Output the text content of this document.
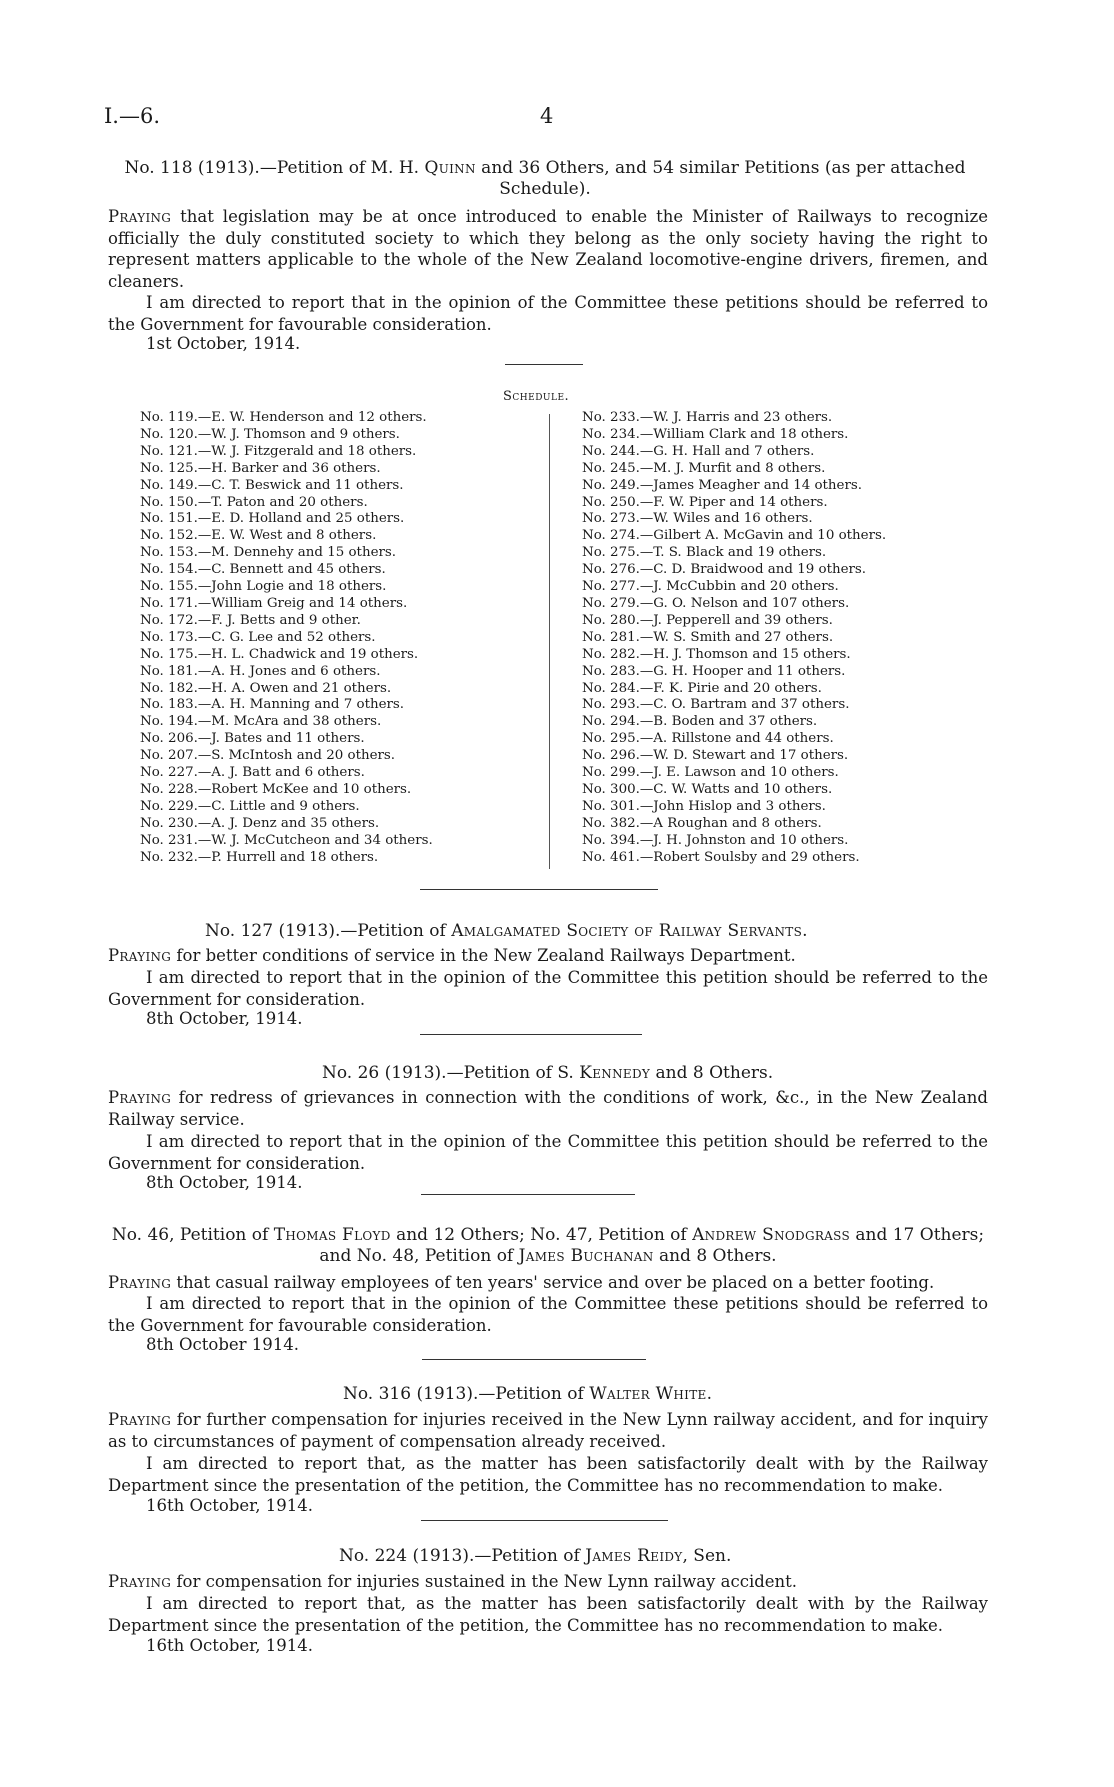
I.—6.	4
No. 118 (1913).—Petition of M. H. Quinn and 36 Others, and 54 similar Petitions (as per attached Schedule).
Praying that legislation may be at once introduced to enable the Minister of Railways to recognize officially the duly constituted society to which they belong as the only society having the right to represent matters applicable to the whole of the New Zealand locomotive-engine drivers, firemen, and cleaners.
I am directed to report that in the opinion of the Committee these petitions should be referred to the Government for favourable consideration.
1st October, 1914.
Schedule.
No. 119.—E. W. Henderson and 12 others.
No. 120.—W. J. Thomson and 9 others.
No. 121.—W. J. Fitzgerald and 18 others.
No. 125.—H. Barker and 36 others.
No. 149.—C. T. Beswick and 11 others.
No. 150.—T. Paton and 20 others.
No. 151.—E. D. Holland and 25 others.
No. 152.—E. W. West and 8 others.
No. 153.—M. Dennehy and 15 others.
No. 154.—C. Bennett and 45 others.
No. 155.—John Logie and 18 others.
No. 171.—William Greig and 14 others.
No. 172.—F. J. Betts and 9 other.
No. 173.—C. G. Lee and 52 others.
No. 175.—H. L. Chadwick and 19 others.
No. 181.—A. H. Jones and 6 others.
No. 182.—H. A. Owen and 21 others.
No. 183.—A. H. Manning and 7 others.
No. 194.—M. McAra and 38 others.
No. 206.—J. Bates and 11 others.
No. 207.—S. McIntosh and 20 others.
No. 227.—A. J. Batt and 6 others.
No. 228.—Robert McKee and 10 others.
No. 229.—C. Little and 9 others.
No. 230.—A. J. Denz and 35 others.
No. 231.—W. J. McCutcheon and 34 others.
No. 232.—P. Hurrell and 18 others.
No. 233.—W. J. Harris and 23 others.
No. 234.—William Clark and 18 others.
No. 244.—G. H. Hall and 7 others.
No. 245.—M. J. Murfit and 8 others.
No. 249.—James Meagher and 14 others.
No. 250.—F. W. Piper and 14 others.
No. 273.—W. Wiles and 16 others.
No. 274.—Gilbert A. McGavin and 10 others.
No. 275.—T. S. Black and 19 others.
No. 276.—C. D. Braidwood and 19 others.
No. 277.—J. McCubbin and 20 others.
No. 279.—G. O. Nelson and 107 others.
No. 280.—J. Pepperell and 39 others.
No. 281.—W. S. Smith and 27 others.
No. 282.—H. J. Thomson and 15 others.
No. 283.—G. H. Hooper and 11 others.
No. 284.—F. K. Pirie and 20 others.
No. 293.—C. O. Bartram and 37 others.
No. 294.—B. Boden and 37 others.
No. 295.—A. Rillstone and 44 others.
No. 296.—W. D. Stewart and 17 others.
No. 299.—J. E. Lawson and 10 others.
No. 300.—C. W. Watts and 10 others.
No. 301.—John Hislop and 3 others.
No. 382.—A Roughan and 8 others.
No. 394.—J. H. Johnston and 10 others.
No. 461.—Robert Soulsby and 29 others.
No. 127 (1913).—Petition of Amalgamated Society of Railway Servants.
Praying for better conditions of service in the New Zealand Railways Department.
I am directed to report that in the opinion of the Committee this petition should be referred to the Government for consideration.
8th October, 1914.
No. 26 (1913).—Petition of S. Kennedy and 8 Others.
Praying for redress of grievances in connection with the conditions of work, &c., in the New Zealand Railway service.
I am directed to report that in the opinion of the Committee this petition should be referred to the Government for consideration.
8th October, 1914.
No. 46, Petition of Thomas Floyd and 12 Others; No. 47, Petition of Andrew Snodgrass and 17 Others; and No. 48, Petition of James Buchanan and 8 Others.
Praying that casual railway employees of ten years' service and over be placed on a better footing.
I am directed to report that in the opinion of the Committee these petitions should be referred to the Government for favourable consideration.
8th October 1914.
No. 316 (1913).—Petition of Walter White.
Praying for further compensation for injuries received in the New Lynn railway accident, and for inquiry as to circumstances of payment of compensation already received.
I am directed to report that, as the matter has been satisfactorily dealt with by the Railway Department since the presentation of the petition, the Committee has no recommendation to make.
16th October, 1914.
No. 224 (1913).—Petition of James Reidy, Sen.
Praying for compensation for injuries sustained in the New Lynn railway accident.
I am directed to report that, as the matter has been satisfactorily dealt with by the Railway Department since the presentation of the petition, the Committee has no recommendation to make.
16th October, 1914.
